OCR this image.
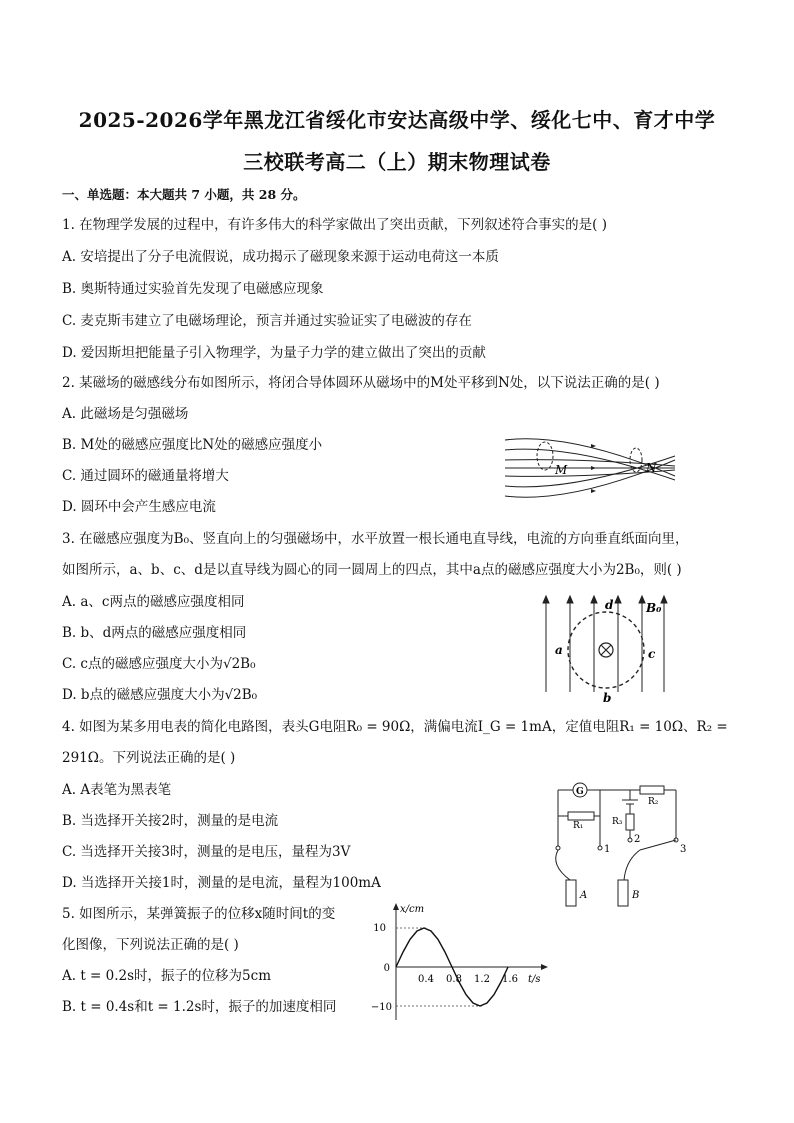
2025-2026学年黑龙江省绥化市安达高级中学、绥化七中、育才中学
三校联考高二（上）期末物理试卷
一、单选题：本大题共 7 小题，共 28 分。
1. 在物理学发展的过程中，有许多伟大的科学家做出了突出贡献，下列叙述符合事实的是( )
A. 安培提出了分子电流假说，成功揭示了磁现象来源于运动电荷这一本质
B. 奥斯特通过实验首先发现了电磁感应现象
C. 麦克斯韦建立了电磁场理论，预言并通过实验证实了电磁波的存在
D. 爱因斯坦把能量子引入物理学，为量子力学的建立做出了突出的贡献
2. 某磁场的磁感线分布如图所示，将闭合导体圆环从磁场中的M处平移到N处，以下说法正确的是( )
A. 此磁场是匀强磁场
B. M处的磁感应强度比N处的磁感应强度小
C. 通过圆环的磁通量将增大
D. 圆环中会产生感应电流
M	N
3. 在磁感应强度为B₀、竖直向上的匀强磁场中，水平放置一根长通电直导线，电流的方向垂直纸面向里，
如图所示，a、b、c、d是以直导线为圆心的同一圆周上的四点，其中a点的磁感应强度大小为2B₀，则( )
A. a、c两点的磁感应强度相同
B. b、d两点的磁感应强度相同
C. c点的磁感应强度大小为√2B₀
D. b点的磁感应强度大小为√2B₀
a
b
c
d	B₀
4. 如图为某多用电表的简化电路图，表头G电阻R₀ = 90Ω，满偏电流I_G = 1mA，定值电阻R₁ = 10Ω、R₂ =
291Ω。下列说法正确的是( )
A. A表笔为黑表笔
B. 当选择开关接2时，测量的是电流
C. 当选择开关接3时，测量的是电压，量程为3V
D. 当选择开关接1时，测量的是电流，量程为100mA
G
R₁
R₂
R₃
1
2
3
A	B
5. 如图所示，某弹簧振子的位移x随时间t的变
化图像，下列说法正确的是( )
A. t = 0.2s时，振子的位移为5cm
B. t = 0.4s和t = 1.2s时，振子的加速度相同
x/cm
t/s
10
0
−10
0.4 0.8 1.2 1.6
